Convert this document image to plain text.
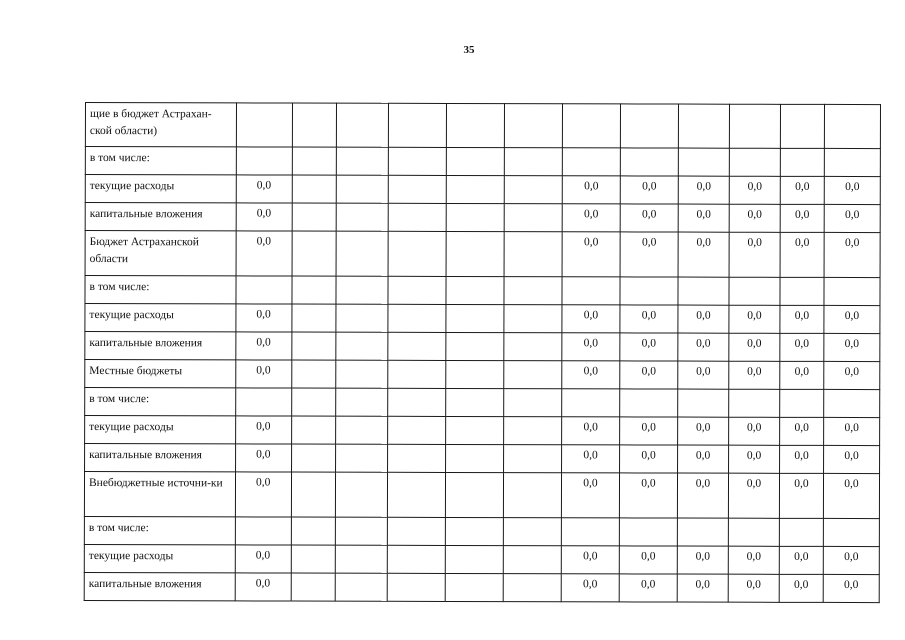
35
щие в бюджет Астрахан-ской области)												
в том числе:												
текущие расходы	0,0						0,0	0,0	0,0	0,0	0,0	0,0
капитальные вложения	0,0						0,0	0,0	0,0	0,0	0,0	0,0
Бюджет Астраханской области	0,0						0,0	0,0	0,0	0,0	0,0	0,0
в том числе:												
текущие расходы	0,0						0,0	0,0	0,0	0,0	0,0	0,0
капитальные вложения	0,0						0,0	0,0	0,0	0,0	0,0	0,0
Местные бюджеты	0,0						0,0	0,0	0,0	0,0	0,0	0,0
в том числе:												
текущие расходы	0,0						0,0	0,0	0,0	0,0	0,0	0,0
капитальные вложения	0,0						0,0	0,0	0,0	0,0	0,0	0,0
Внебюджетные источни-ки	0,0						0,0	0,0	0,0	0,0	0,0	0,0
в том числе:												
текущие расходы	0,0						0,0	0,0	0,0	0,0	0,0	0,0
капитальные вложения	0,0						0,0	0,0	0,0	0,0	0,0	0,0
